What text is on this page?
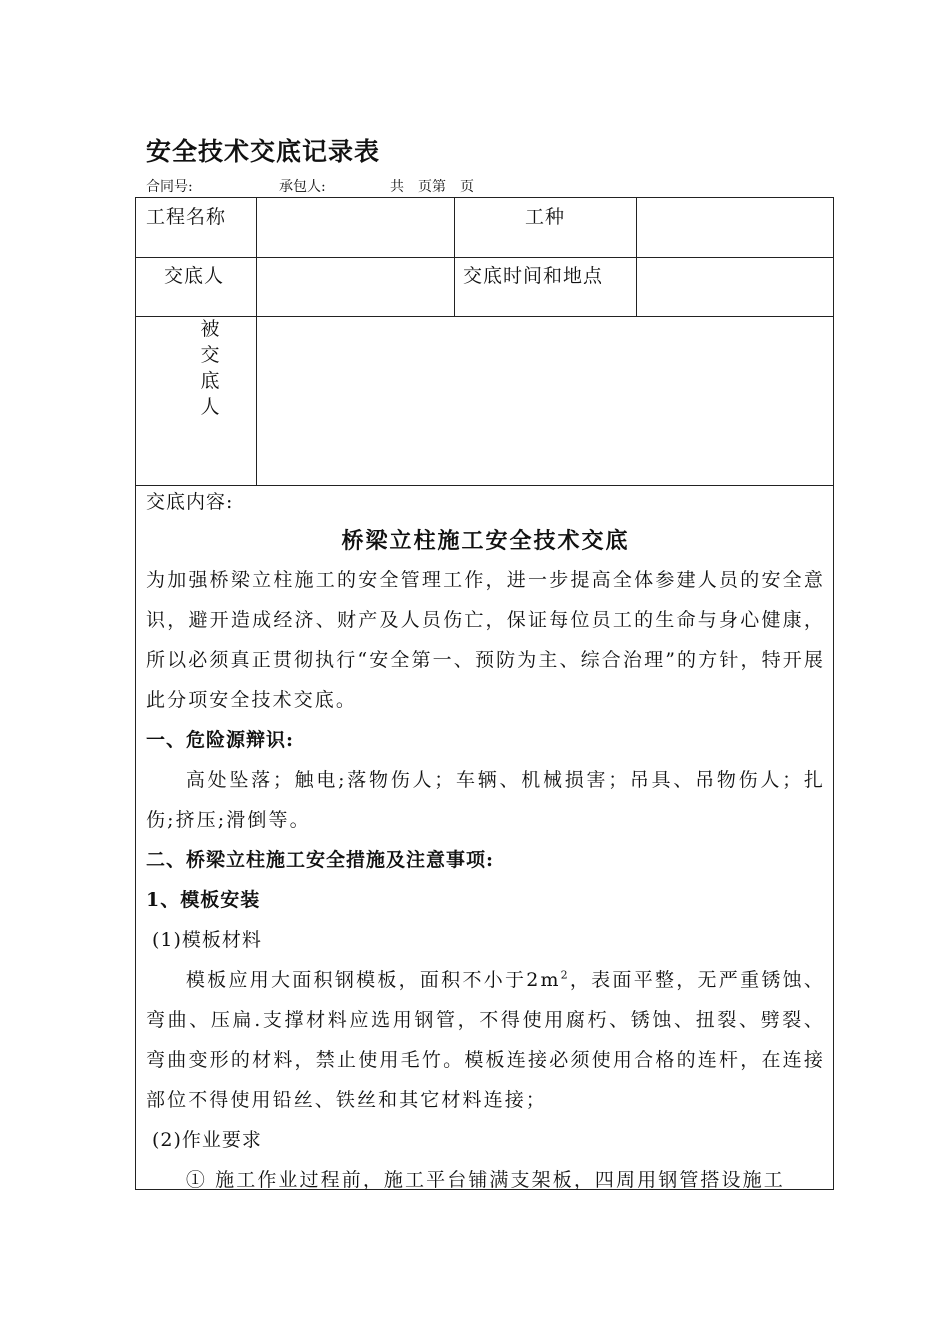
安全技术交底记录表
合同号:	承包人:	共　页第　页
工程名称	工种
交底人	交底时间和地点
被
交
底
人
交底内容:
桥梁立柱施工安全技术交底

为加强桥梁立柱施工的安全管理工作，进一步提高全体参建人员的安全意识，避开造成经济、财产及人员伤亡，保证每位员工的生命与身心健康，所以必须真正贯彻执行“安全第一、预防为主、综合治理”的方针，特开展此分项安全技术交底。

一、危险源辩识:

高处坠落；触电;落物伤人；车辆、机械损害；吊具、吊物伤人；扎伤;挤压;滑倒等。

二、桥梁立柱施工安全措施及注意事项:

1、模板安装

(1)模板材料

模板应用大面积钢模板，面积不小于$2m^2$，表面平整，无严重锈蚀、弯曲、压扁.支撑材料应选用钢管，不得使用腐朽、锈蚀、扭裂、劈裂、弯曲变形的材料，禁止使用毛竹。模板连接必须使用合格的连杆，在连接部位不得使用铅丝、铁丝和其它材料连接；

(2)作业要求

① 施工作业过程前，施工平台铺满支架板，四周用钢管搭设施工
